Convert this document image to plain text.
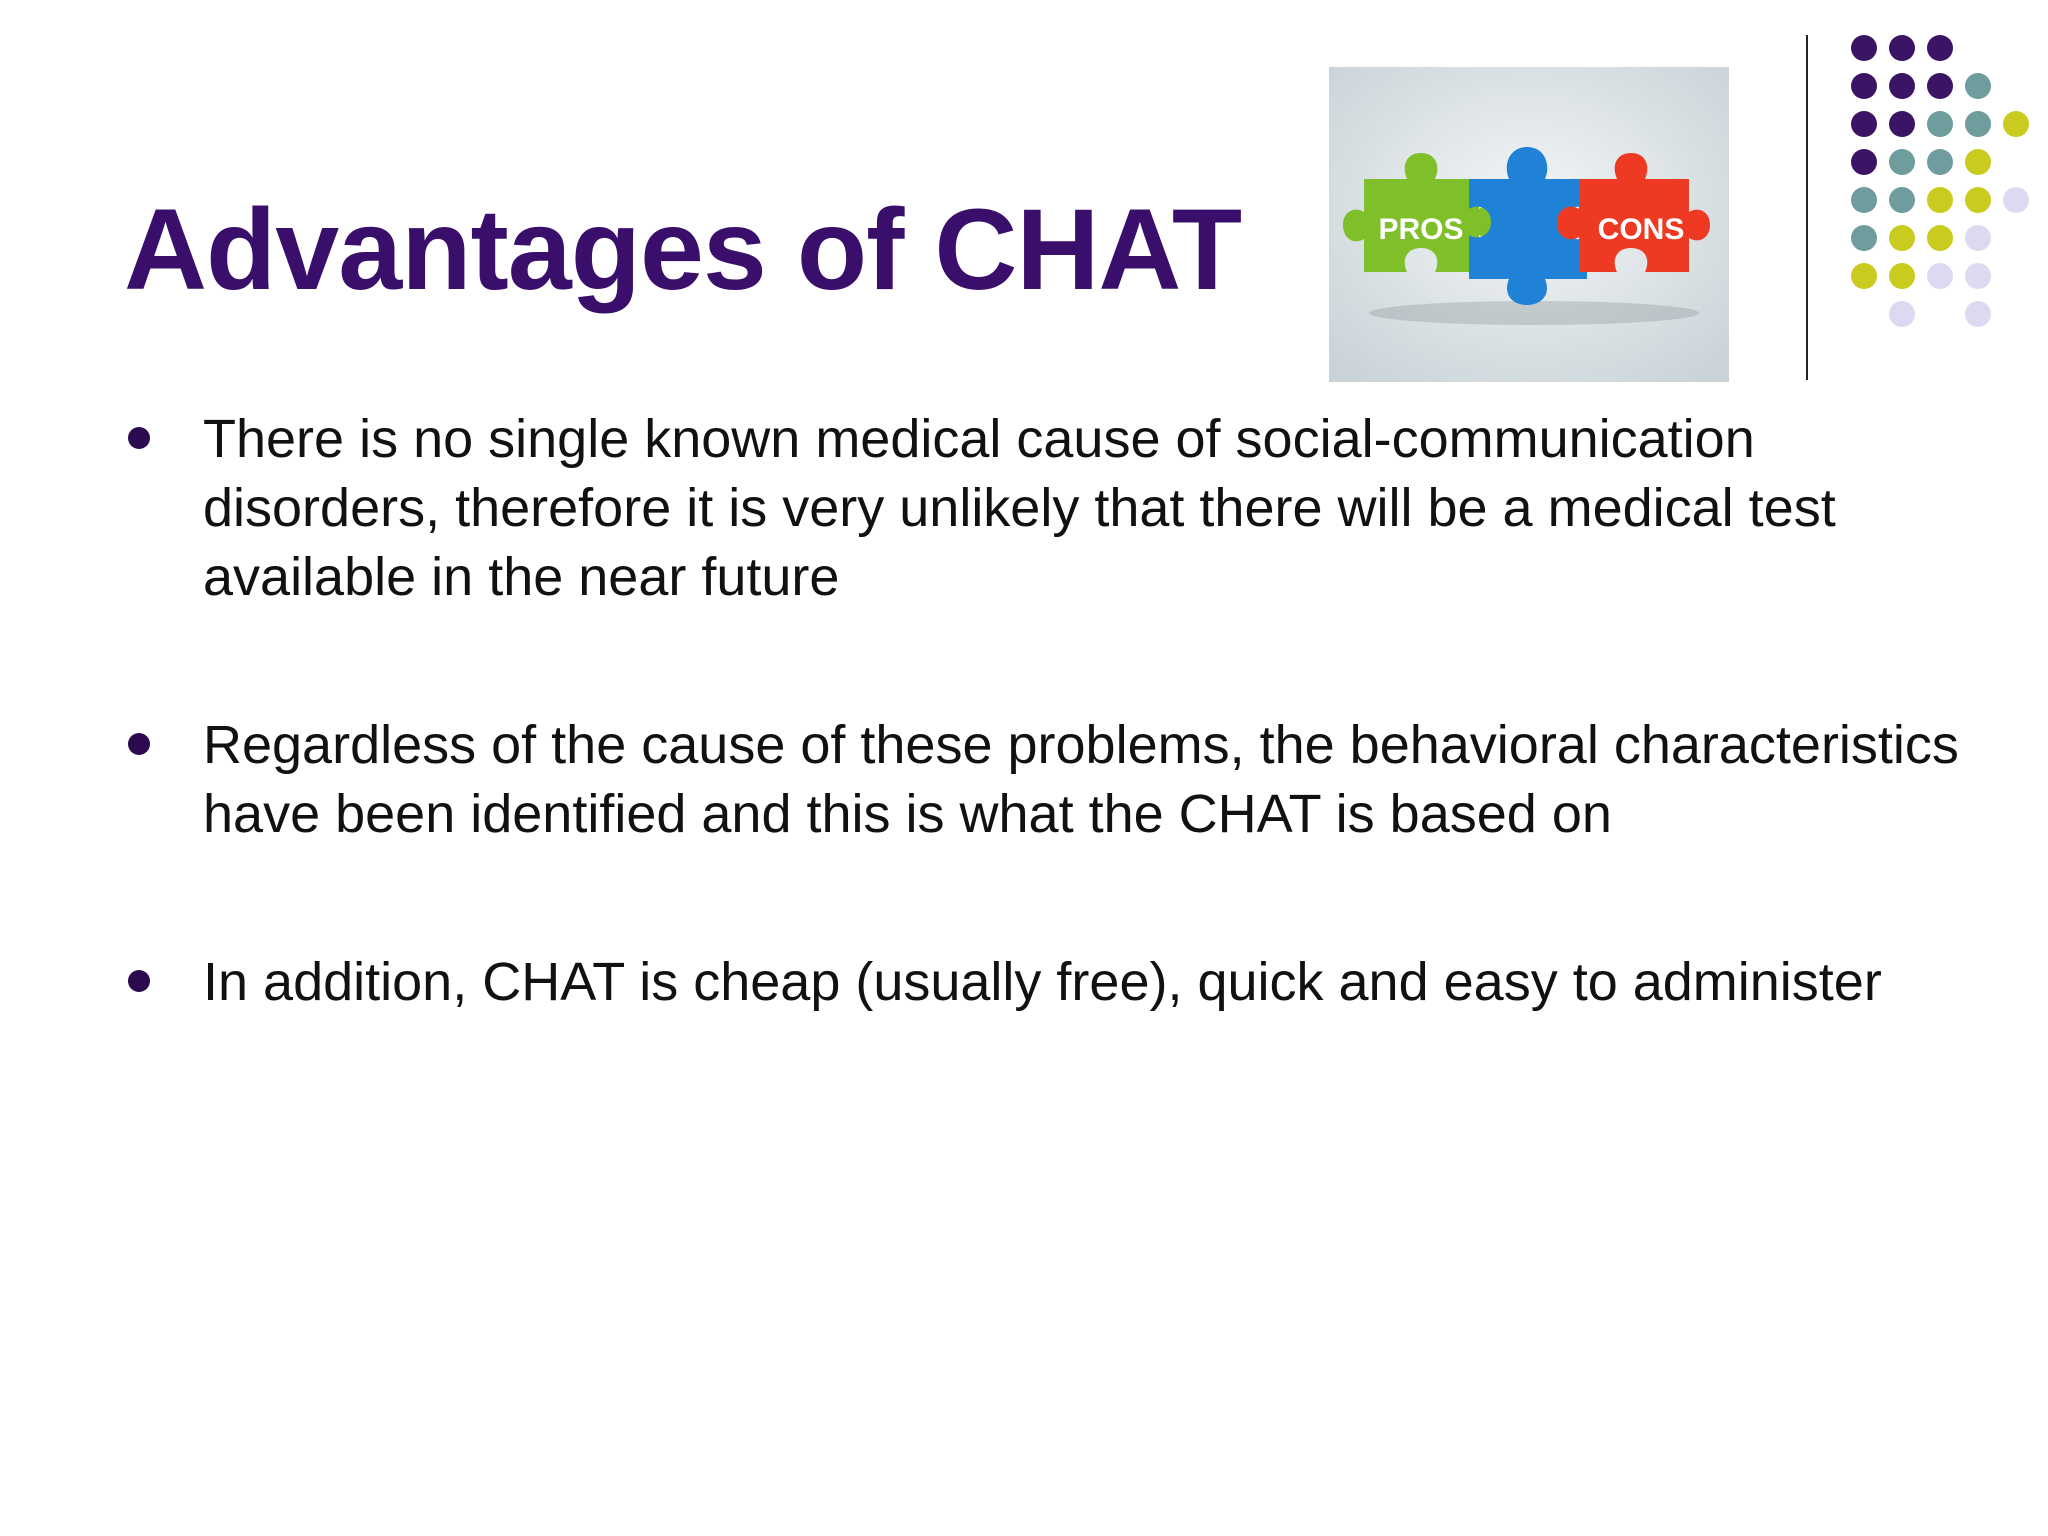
Advantages of CHAT	PROS	CONS
There is no single known medical cause of social-communication disorders, therefore it is very unlikely that there will be a medical test available in the near future
Regardless of the cause of these problems, the behavioral characteristics have been identified and this is what the CHAT is based on
In addition, CHAT is cheap (usually free), quick and easy to administer
